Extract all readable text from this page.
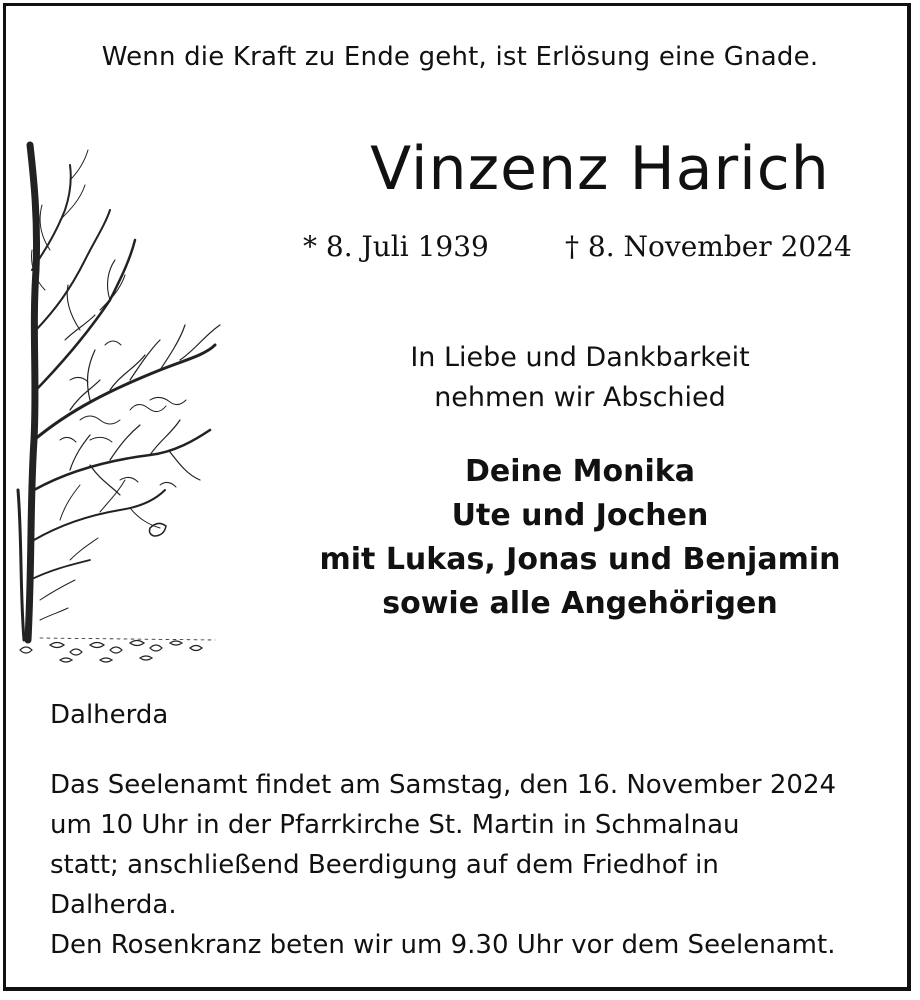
Wenn die Kraft zu Ende geht, ist Erlösung eine Gnade.
Vinzenz Harich
* 8. Juli 1939	† 8. November 2024
In Liebe und Dankbarkeit
nehmen wir Abschied
Deine Monika
Ute und Jochen
mit Lukas, Jonas und Benjamin
sowie alle Angehörigen
Dalherda
Das Seelenamt findet am Samstag, den 16. November 2024
um 10 Uhr in der Pfarrkirche St. Martin in Schmalnau
statt; anschließend Beerdigung auf dem Friedhof in
Dalherda.
Den Rosenkranz beten wir um 9.30 Uhr vor dem Seelenamt.
